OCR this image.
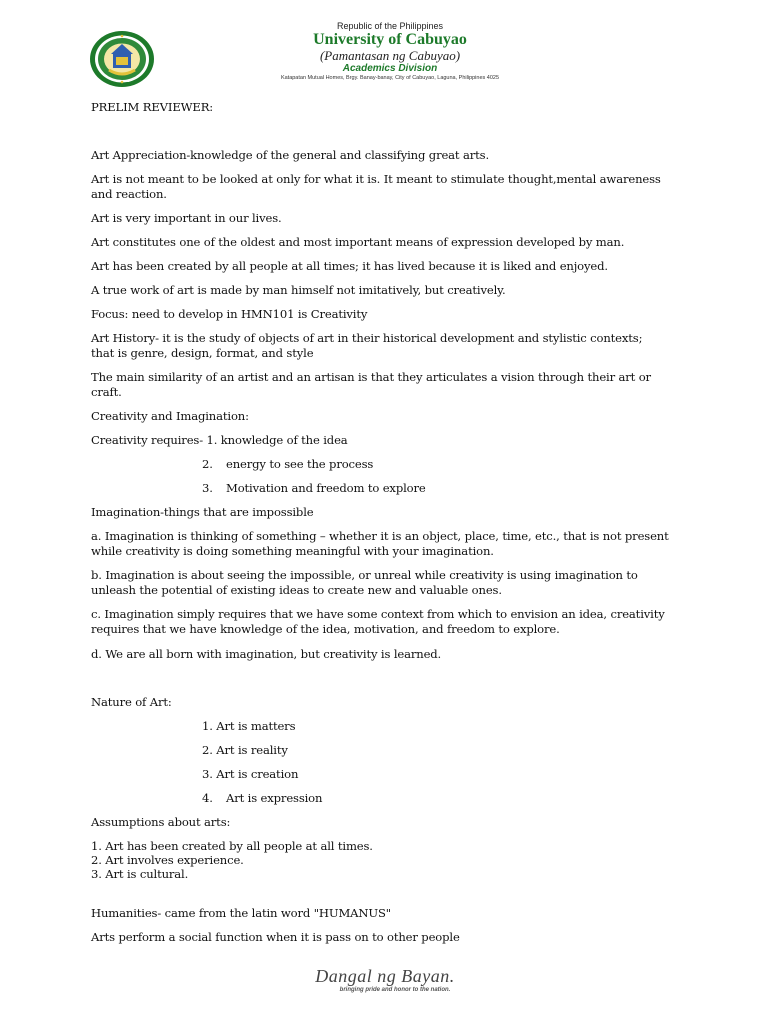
Republic of the Philippines
University of Cabuyao
(Pamantasan ng Cabuyao)
Academics Division
Katapatan Mutual Homes, Brgy. Banay-banay, City of Cabuyao, Laguna, Philippines 4025

PRELIM REVIEWER:

Art Appreciation-knowledge of the general and classifying great arts.

Art is not meant to be looked at only for what it is. It meant to stimulate thought,mental awareness

and reaction.

Art is very important in our lives.

Art constitutes one of the oldest and most important means of expression developed by man.

Art has been created by all people at all times; it has lived because it is liked and enjoyed.

A true work of art is made by man himself not imitatively, but creatively.

Focus: need to develop in HMN101 is Creativity

Art History- it is the study of objects of art in their historical development and stylistic contexts;

that is genre, design, format, and style

The main similarity of an artist and an artisan is that they articulates a vision through their art or

craft.

Creativity and Imagination:

Creativity requires- 1. knowledge of the idea

2. energy to see the process

3. Motivation and freedom to explore

Imagination-things that are impossible

a. Imagination is thinking of something – whether it is an object, place, time, etc., that is not present

while creativity is doing something meaningful with your imagination.

b. Imagination is about seeing the impossible, or unreal while creativity is using imagination to

unleash the potential of existing ideas to create new and valuable ones.

c. Imagination simply requires that we have some context from which to envision an idea, creativity

requires that we have knowledge of the idea, motivation, and freedom to explore.

d. We are all born with imagination, but creativity is learned.

Nature of Art:

1. Art is matters

2. Art is reality

3. Art is creation

4. Art is expression

Assumptions about arts:

1. Art has been created by all people at all times.

2. Art involves experience.

3. Art is cultural.

Humanities- came from the latin word "HUMANUS"

Arts perform a social function when it is pass on to other people

Dangal ng Bayan.
bringing pride and honor to the nation.
